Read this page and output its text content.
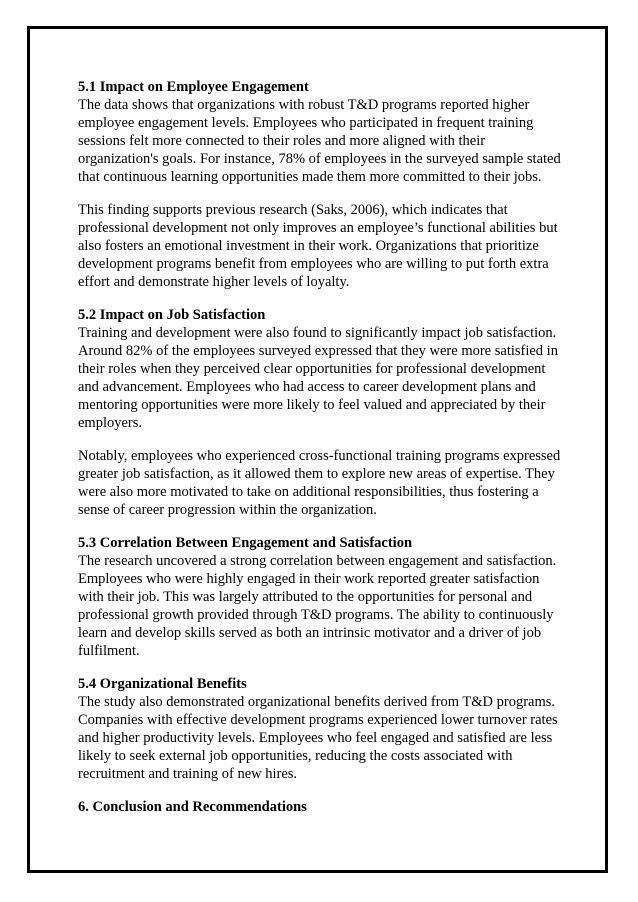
5.1 Impact on Employee Engagement

The data shows that organizations with robust T&D programs reported higher employee engagement levels. Employees who participated in frequent training sessions felt more connected to their roles and more aligned with their organization's goals. For instance, 78% of employees in the surveyed sample stated that continuous learning opportunities made them more committed to their jobs.

This finding supports previous research (Saks, 2006), which indicates that professional development not only improves an employee’s functional abilities but also fosters an emotional investment in their work. Organizations that prioritize development programs benefit from employees who are willing to put forth extra effort and demonstrate higher levels of loyalty.

5.2 Impact on Job Satisfaction

Training and development were also found to significantly impact job satisfaction. Around 82% of the employees surveyed expressed that they were more satisfied in their roles when they perceived clear opportunities for professional development and advancement. Employees who had access to career development plans and mentoring opportunities were more likely to feel valued and appreciated by their employers.

Notably, employees who experienced cross-functional training programs expressed greater job satisfaction, as it allowed them to explore new areas of expertise. They were also more motivated to take on additional responsibilities, thus fostering a sense of career progression within the organization.

5.3 Correlation Between Engagement and Satisfaction

The research uncovered a strong correlation between engagement and satisfaction. Employees who were highly engaged in their work reported greater satisfaction with their job. This was largely attributed to the opportunities for personal and professional growth provided through T&D programs. The ability to continuously learn and develop skills served as both an intrinsic motivator and a driver of job fulfilment.

5.4 Organizational Benefits

The study also demonstrated organizational benefits derived from T&D programs. Companies with effective development programs experienced lower turnover rates and higher productivity levels. Employees who feel engaged and satisfied are less likely to seek external job opportunities, reducing the costs associated with recruitment and training of new hires.

6. Conclusion and Recommendations
